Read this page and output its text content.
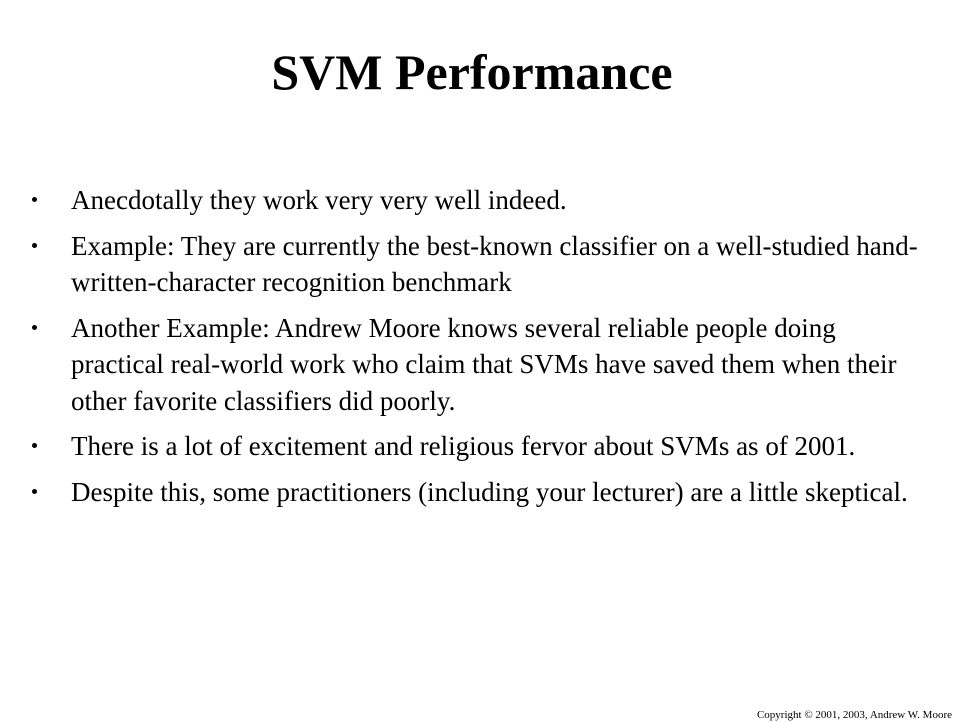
SVM Performance
Anecdotally they work very very well indeed.
Example: They are currently the best-known classifier on a well-studied hand-written-character recognition benchmark
Another Example: Andrew Moore knows several reliable people doing practical real-world work who claim that SVMs have saved them when their other favorite classifiers did poorly.
There is a lot of excitement and religious fervor about SVMs as of 2001.
Despite this, some practitioners (including your lecturer) are a little skeptical.
Copyright © 2001, 2003, Andrew W. Moore
